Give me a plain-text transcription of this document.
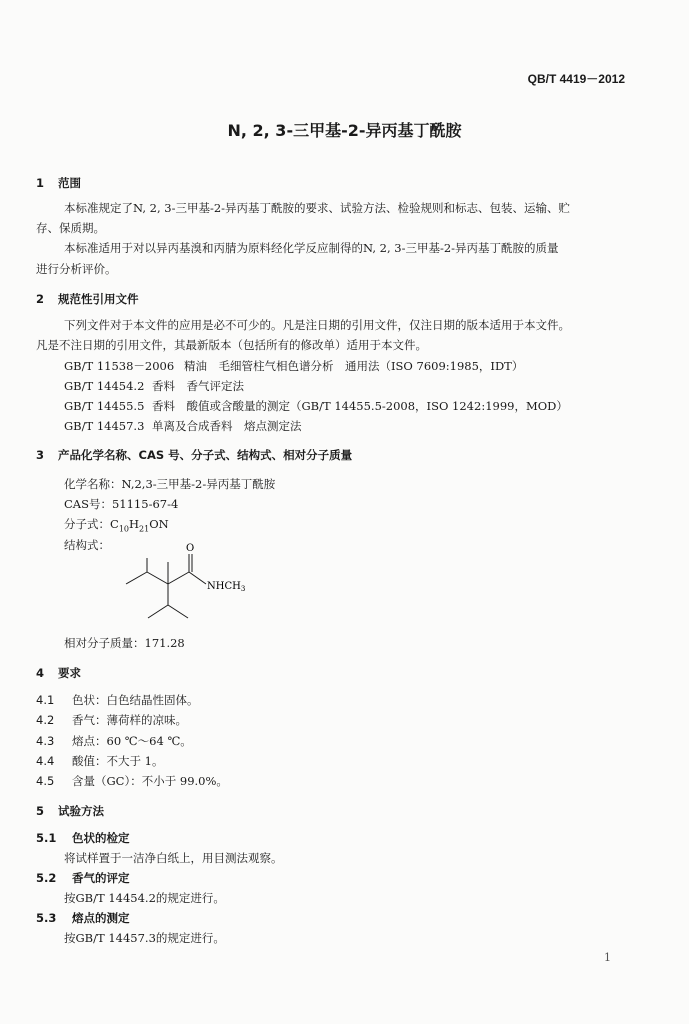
QB/T 4419－2012
N, 2, 3-三甲基-2-异丙基丁酰胺
1 范围
本标准规定了N, 2, 3-三甲基-2-异丙基丁酰胺的要求、试验方法、检验规则和标志、包装、运输、贮
存、保质期。
本标准适用于对以异丙基溴和丙腈为原料经化学反应制得的N, 2, 3-三甲基-2-异丙基丁酰胺的质量
进行分析评价。
2 规范性引用文件
下列文件对于本文件的应用是必不可少的。凡是注日期的引用文件，仅注日期的版本适用于本文件。
凡是不注日期的引用文件，其最新版本（包括所有的修改单）适用于本文件。
GB/T 11538－2006 精油　毛细管柱气相色谱分析　通用法（ISO 7609:1985，IDT）
GB/T 14454.2 香料　香气评定法
GB/T 14455.5 香料　酸值或含酸量的测定（GB/T 14455.5-2008，ISO 1242:1999，MOD）
GB/T 14457.3 单离及合成香料　熔点测定法
3 产品化学名称、CAS 号、分子式、结构式、相对分子质量
化学名称：N,2,3-三甲基-2-异丙基丁酰胺
CAS号：51115-67-4
分子式：$C_{10}H_{21}ON$
结构式：	O
$NHCH_3$
相对分子质量：171.28
4 要求
4.1 色状：白色结晶性固体。
4.2 香气：薄荷样的凉味。
4.3 熔点：60 ℃～64 ℃。
4.4 酸值：不大于 1。
4.5 含量（GC）：不小于 99.0%。
5 试验方法
5.1 色状的检定
将试样置于一洁净白纸上，用目测法观察。
5.2 香气的评定
按GB/T 14454.2的规定进行。
5.3 熔点的测定
按GB/T 14457.3的规定进行。
1
